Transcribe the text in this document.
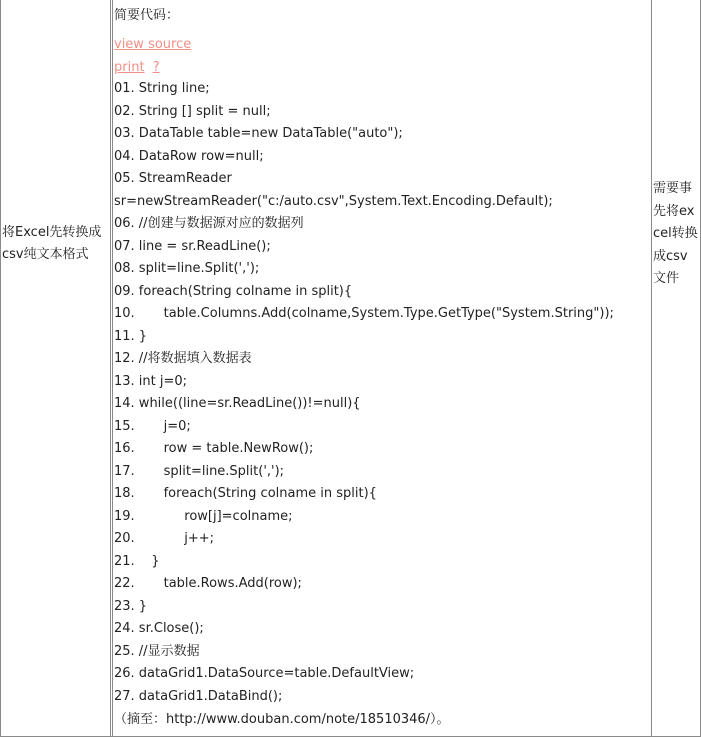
将Excel先转换成csv纯文本格式
简要代码：
view source
print ?
01. String line;
02. String [] split = null;
03. DataTable table=new DataTable("auto");
04. DataRow row=null;
05. StreamReader
sr=newStreamReader("c:/auto.csv",System.Text.Encoding.Default);
06. //创建与数据源对应的数据列
07. line = sr.ReadLine();
08. split=line.Split(',');
09. foreach(String colname in split){
10.       table.Columns.Add(colname,System.Type.GetType("System.String"));
11. }
12. //将数据填入数据表
13. int j=0;
14. while((line=sr.ReadLine())!=null){
15.       j=0;
16.       row = table.NewRow();
17.       split=line.Split(',');
18.       foreach(String colname in split){
19.            row[j]=colname;
20.            j++;
21.    }
22.       table.Rows.Add(row);
23. }
24. sr.Close();
25. //显示数据
26. dataGrid1.DataSource=table.DefaultView;
27. dataGrid1.DataBind();
（摘至：http://www.douban.com/note/18510346/）。
需要事先将excel转换成csv文件
